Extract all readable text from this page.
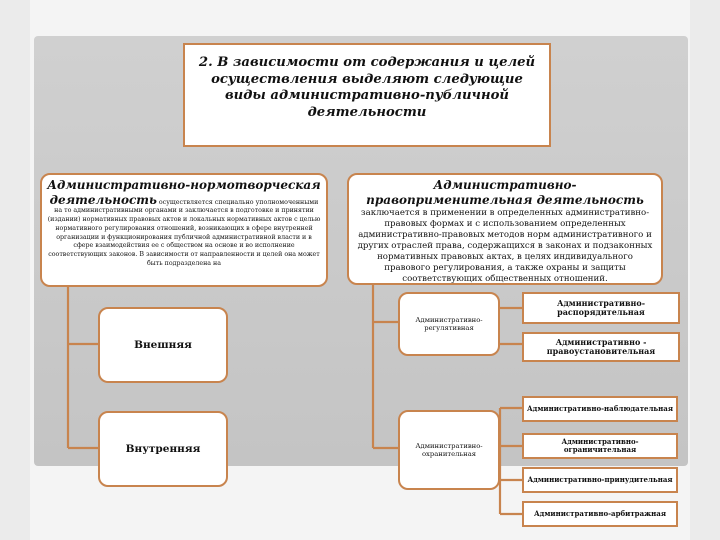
2. В зависимости от содержания и целей осуществления выделяют следующие виды административно-публичной деятельности

Административно-нормотворческая деятельность осуществляется специально уполномоченными на то административными органами и заключается в подготовке и принятии (издании) нормативных правовых актов и локальных нормативных актов с целью нормативного регулирования отношений, возникающих в сфере внутренней организации и функционирования публичной административной власти и в сфере взаимодействия ее с обществом на основе и во исполнение соответствующих законов. В зависимости от направленности и целей она может быть подразделена на

Административно-правоприменительная деятельность заключается в применении в определенных административно-правовых формах и с использованием определенных административно-правовых методов норм административного и других отраслей права, содержащихся в законах и подзаконных нормативных правовых актах, в целях индивидуального правового регулирования, а также охраны и защиты соответствующих общественных отношений.

Внешняя
Внутренняя
Административно-регулятивная
Административно-охранительная
Административно-распорядительная
Административно - правоустановительная
Административно-наблюдательная
Административно-ограничительная
Административно-принудительная
Административно-арбитражная
